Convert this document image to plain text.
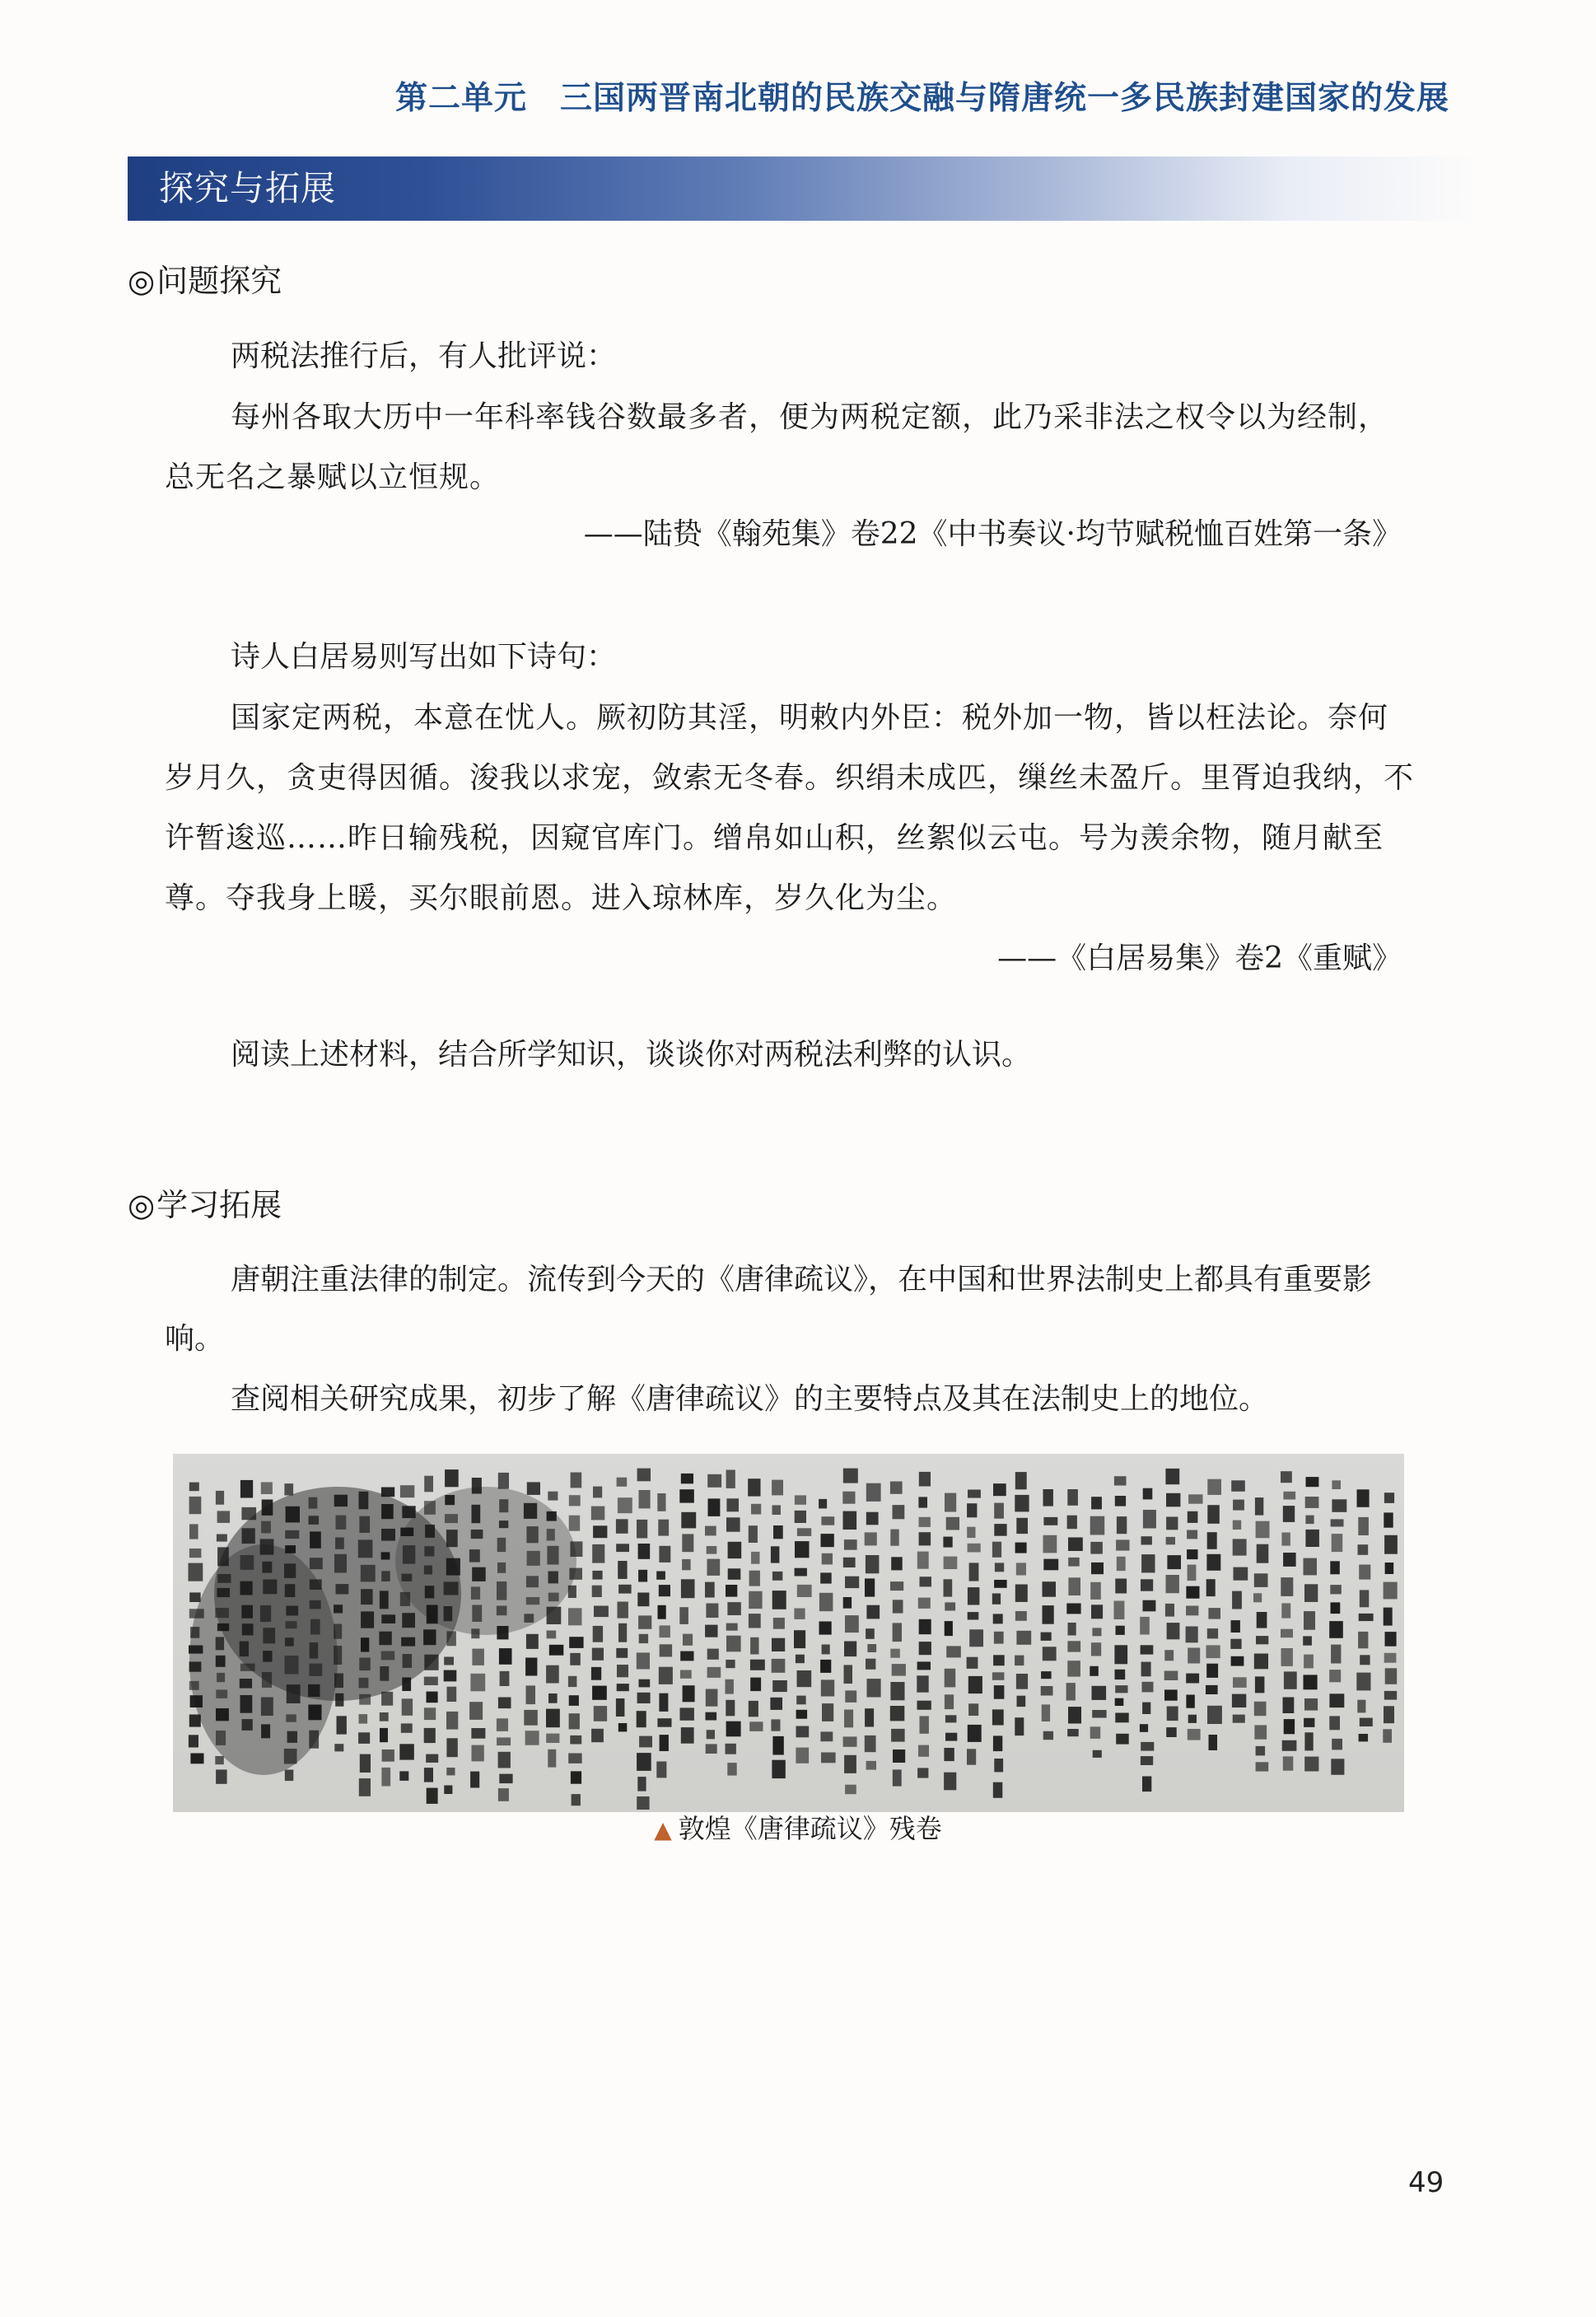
第二单元 三国两晋南北朝的民族交融与隋唐统一多民族封建国家的发展
探究与拓展
◎问题探究

两税法推行后，有人批评说：

每州各取大历中一年科率钱谷数最多者，便为两税定额，此乃采非法之权令以为经制，总无名之暴赋以立恒规。

——陆贽《翰苑集》卷22《中书奏议·均节赋税恤百姓第一条》

诗人白居易则写出如下诗句：

国家定两税，本意在忧人。厥初防其淫，明敕内外臣：税外加一物，皆以枉法论。奈何岁月久，贪吏得因循。浚我以求宠，敛索无冬春。织绢未成匹，缫丝未盈斤。里胥迫我纳，不许暂逡巡……昨日输残税，因窥官库门。缯帛如山积，丝絮似云屯。号为羡余物，随月献至尊。夺我身上暖，买尔眼前恩。进入琼林库，岁久化为尘。

——《白居易集》卷2《重赋》

阅读上述材料，结合所学知识，谈谈你对两税法利弊的认识。

◎学习拓展

唐朝注重法律的制定。流传到今天的《唐律疏议》，在中国和世界法制史上都具有重要影响。

查阅相关研究成果，初步了解《唐律疏议》的主要特点及其在法制史上的地位。

▲ 敦煌《唐律疏议》残卷
49
